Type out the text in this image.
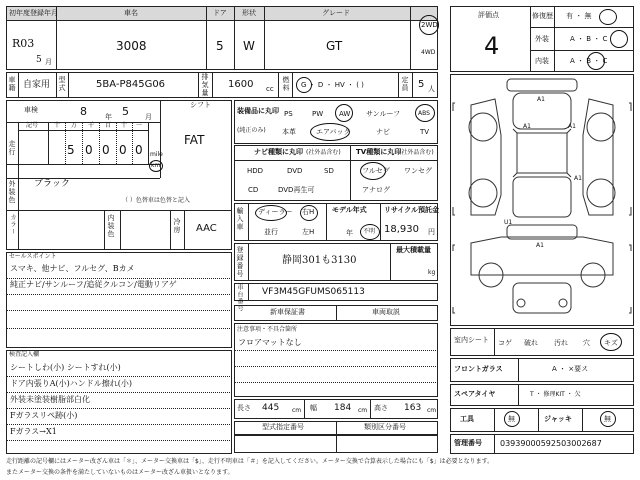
初年度登録年月
R03
5 月
車名
3008
ドア
5
形状
W
グレード
GT
2WD
4WD
車籍 自家用 型式	5BA-P845G06	排気量 1600 cc 燃料 G ・ D ・ HV ・ ( )	定員 5 人
車検	8	年 5 月
シフト
FAT
走行
記号	十 万 千 百 十 一
5 0 0 0 0 mile
km
外装色 ブラック
（ ）色替車は色替と記入
カラー	内装色	冷房 AAC
装備品に丸印
(純正のみ)
PS	PW AW サンルーフ	ABS
本革	エアバック	ナビ	TV
ナビ種類に丸印 (社外品含む)
HDD	DVD	SD
CD	DVD再生可
TV種類に丸印
(社外品含む)
フルセグ ワンセグ
アナログ
輸入車 ディーラー
並行
右H
左H
モデル年式
年 不明
リサイクル預託金
18,930 円
登録番号	静岡301も3130
最大積載量
kg
車台番号 VF3M45GFUMS065113
新車保証書	車両取説
セールスポイント
スマキ、他ナビ、フルセグ、Bカメ
純正ナビ/サンルーフ/追従クルコン/電動リアゲ
検査記入欄
シートしわ(小) シートすれ(小)
ドア内張りA(小)ハンドル擦れ(小)
外装未塗装樹脂部白化
Fガラスリペ跡(小)
Fガラス→X1
注意事項・不具合箇所
フロアマットなし
長さ 445 cm 幅 184 cm 高さ 163 cm
型式指定番号	類別区分番号
評価点
4
修復歴 有 ・ 無
外装	A ・ B ・ C
内装	A ・ B ・ C
A1
A1	A1
A1
U1
A1
室内シート コゲ 破れ 汚れ 穴 キズ
フロントガラス	A ・ ×要ス
スペアタイヤ	T ・ 修理KIT ・ 欠
工具	無	ジャッキ	無
管理番号 03939000592503002687
走行距離の記号欄にはメーター改ざん車は「＊」、メーター交換車は「$」、走行不明車は「＃」を記入してください。メーター交換で合算表示した場合にも「$」は必要となります。
またメーター交換の条件を満たしていないものはメーター改ざん車扱いとなります。
